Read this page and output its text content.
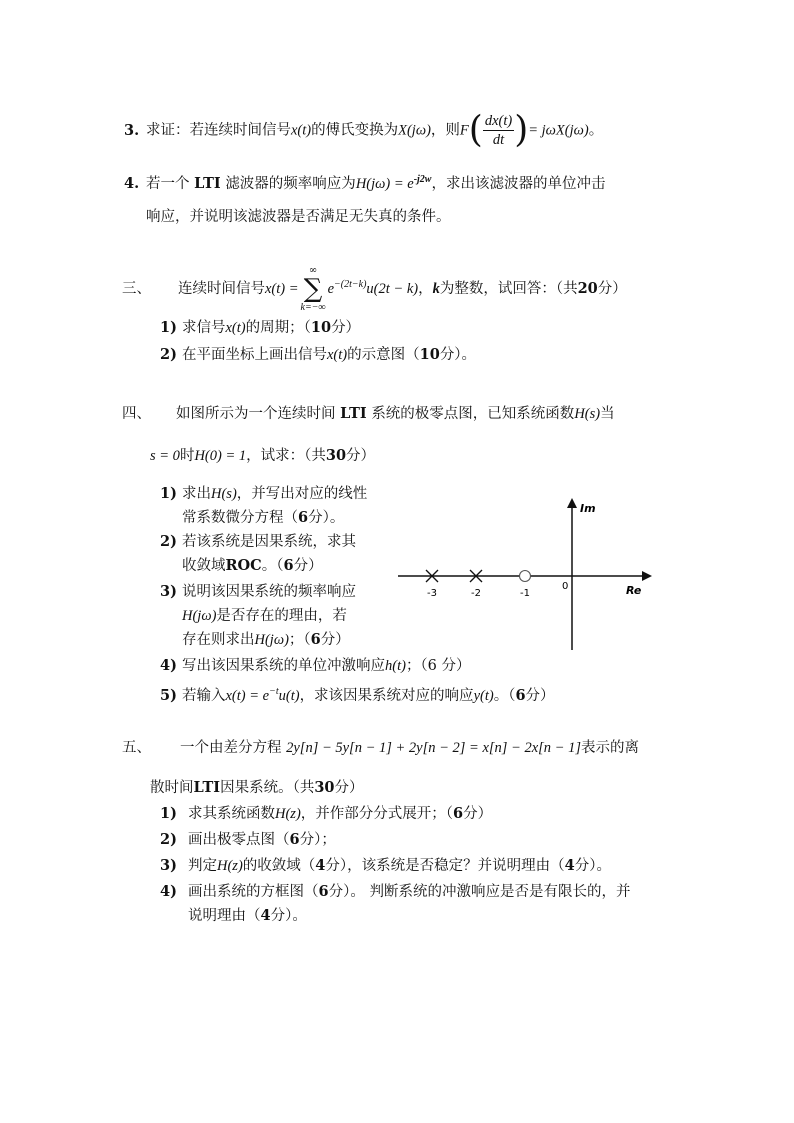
3. 求证：若连续时间信号x(t)的傅氏变换为X(jω)，则$F( \frac{dx(t)}{dt}$ )= jωX(jω)。
4. 若一个 LTI 滤波器的频率响应为$H(j\omega) = e^{-j2w}$，求出该滤波器的单位冲击
响应，并说明该滤波器是否满足无失真的条件。
三、 连续时间信号x(t) =∞
∑
$k=-\infty e^{-(2t-k)}u(2t - k)$，k为整数，试回答：（共20分）
1) 求信号x(t)的周期；（10分）
2) 在平面坐标上画出信号x(t)的示意图（10分）。
四、 如图所示为一个连续时间 LTI 系统的极零点图，已知系统函数H(s)当
s = 0时H(0) = 1，试求：（共30分）
1) 求出H(s)，并写出对应的线性
常系数微分方程（6分）。
2) 若该系统是因果系统，求其
收敛域ROC。（6分）
3) 说明该因果系统的频率响应
H(jω)是否存在的理由，若
存在则求出H(jω)；（6分）
4) 写出该因果系统的单位冲激响应h(t)；（6 分）
5) 若输入$x(t) = e^{-t}u(t)$，求该因果系统对应的响应y(t)。（6分）
Im
Re
0
-3	-2	-1
五、 一个由差分方程 2y[n] − 5y[n − 1] + 2y[n − 2] = x[n] − 2x[n − 1]表示的离
散时间LTI因果系统。（共30分）
1) 求其系统函数H(z)，并作部分分式展开；（6分）
2) 画出极零点图（6分）；
3) 判定H(z)的收敛域（4分），该系统是否稳定？并说明理由（4分）。
4) 画出系统的方框图（6分）。 判断系统的冲激响应是否是有限长的，并
说明理由（4分）。
